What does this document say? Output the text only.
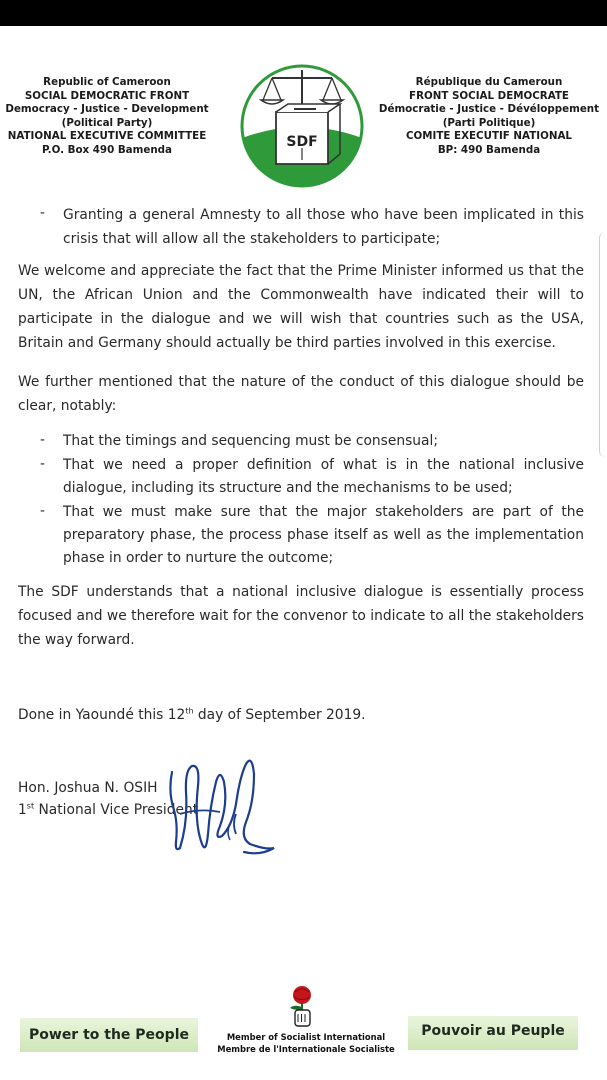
Republic of Cameroon
SOCIAL DEMOCRATIC FRONT
Democracy - Justice - Development
(Political Party)
NATIONAL EXECUTIVE COMMITTEE
P.O. Box 490 Bamenda	SDF
République du Cameroun
FRONT SOCIAL DEMOCRATE
Démocratie - Justice - Dévéloppement
(Parti Politique)
COMITE EXECUTIF NATIONAL
BP: 490 Bamenda
- Granting a general Amnesty to all those who have been implicated in this crisis that will allow all the stakeholders to participate;
We welcome and appreciate the fact that the Prime Minister informed us that the UN, the African Union and the Commonwealth have indicated their will to participate in the dialogue and we will wish that countries such as the USA, Britain and Germany should actually be third parties involved in this exercise.
We further mentioned that the nature of the conduct of this dialogue should be clear, notably:
- That the timings and sequencing must be consensual;
- That we need a proper definition of what is in the national inclusive dialogue, including its structure and the mechanisms to be used;
- That we must make sure that the major stakeholders are part of the preparatory phase, the process phase itself as well as the implementation phase in order to nurture the outcome;
The SDF understands that a national inclusive dialogue is essentially process focused and we therefore wait for the convenor to indicate to all the stakeholders the way forward.
Done in Yaoundé this 12th day of September 2019.
Hon. Joshua N. OSIH
1st National Vice President
Power to the People	Member of Socialist International
Membre de l'Internationale Socialiste
Pouvoir au Peuple
